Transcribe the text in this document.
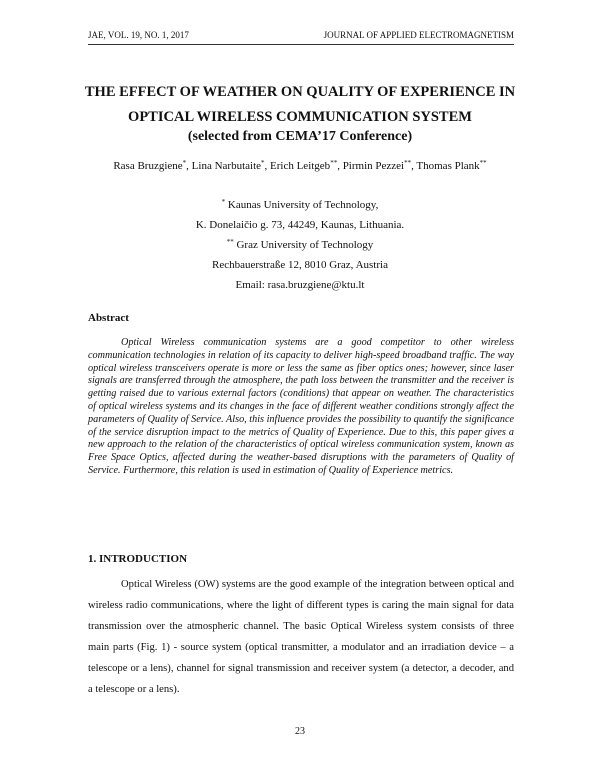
JAE, VOL. 19, NO. 1, 2017	JOURNAL OF APPLIED ELECTROMAGNETISM
THE EFFECT OF WEATHER ON QUALITY OF EXPERIENCE IN
OPTICAL WIRELESS COMMUNICATION SYSTEM
(selected from CEMA’17 Conference)
Rasa Bruzgiene*, Lina Narbutaite*, Erich Leitgeb**, Pirmin Pezzei**, Thomas Plank**
* Kaunas University of Technology,
K. Donelaičio g. 73, 44249, Kaunas, Lithuania.
** Graz University of Technology
Rechbauerstraße 12, 8010 Graz, Austria
Email: rasa.bruzgiene@ktu.lt
Abstract

Optical Wireless communication systems are a good competitor to other wireless communication technologies in relation of its capacity to deliver high-speed broadband traffic. The way optical wireless transceivers operate is more or less the same as fiber optics ones; however, since laser signals are transferred through the atmosphere, the path loss between the transmitter and the receiver is getting raised due to various external factors (conditions) that appear on weather. The characteristics of optical wireless systems and its changes in the face of different weather conditions strongly affect the parameters of Quality of Service. Also, this influence provides the possibility to quantify the significance of the service disruption impact to the metrics of Quality of Experience. Due to this, this paper gives a new approach to the relation of the characteristics of optical wireless communication system, known as Free Space Optics, affected during the weather-based disruptions with the parameters of Quality of Service. Furthermore, this relation is used in estimation of Quality of Experience metrics.

1. INTRODUCTION

Optical Wireless (OW) systems are the good example of the integration between optical and wireless radio communications, where the light of different types is caring the main signal for data transmission over the atmospheric channel. The basic Optical Wireless system consists of three main parts (Fig. 1) - source system (optical transmitter, a modulator and an irradiation device – a telescope or a lens), channel for signal transmission and receiver system (a detector, a decoder, and a telescope or a lens).

23
